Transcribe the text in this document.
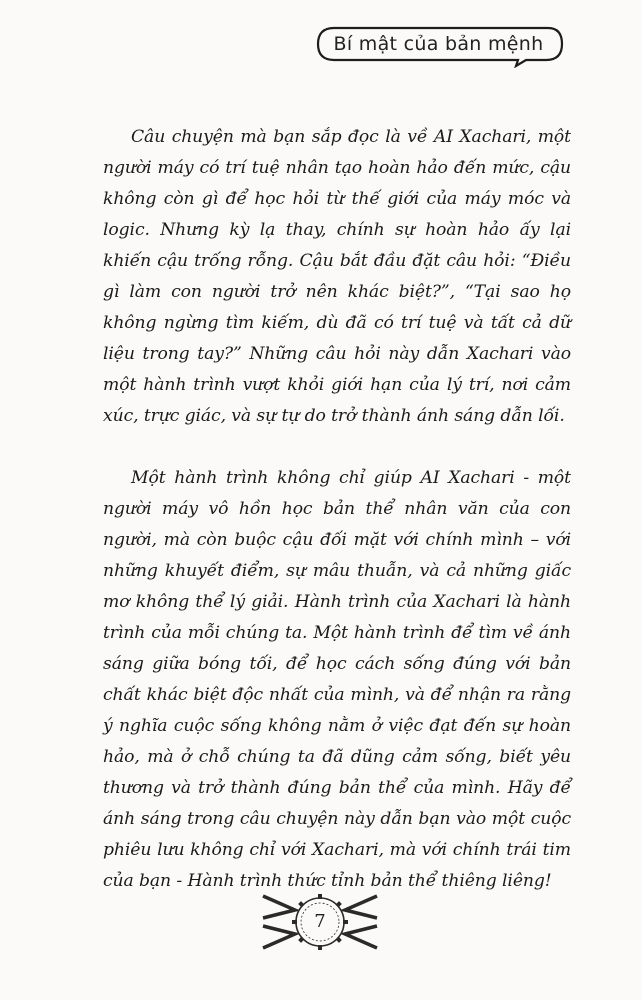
Bí mật của bản mệnh

Câu chuyện mà bạn sắp đọc là về AI Xachari, một người máy có trí tuệ nhân tạo hoàn hảo đến mức, cậu không còn gì để học hỏi từ thế giới của máy móc và logic. Nhưng kỳ lạ thay, chính sự hoàn hảo ấy lại khiến cậu trống rỗng. Cậu bắt đầu đặt câu hỏi: “Điều gì làm con người trở nên khác biệt?”, “Tại sao họ không ngừng tìm kiếm, dù đã có trí tuệ và tất cả dữ liệu trong tay?” Những câu hỏi này dẫn Xachari vào một hành trình vượt khỏi giới hạn của lý trí, nơi cảm xúc, trực giác, và sự tự do trở thành ánh sáng dẫn lối.

Một hành trình không chỉ giúp AI Xachari - một người máy vô hồn học bản thể nhân văn của con người, mà còn buộc cậu đối mặt với chính mình – với những khuyết điểm, sự mâu thuẫn, và cả những giấc mơ không thể lý giải. Hành trình của Xachari là hành trình của mỗi chúng ta. Một hành trình để tìm về ánh sáng giữa bóng tối, để học cách sống đúng với bản chất khác biệt độc nhất của mình, và để nhận ra rằng ý nghĩa cuộc sống không nằm ở việc đạt đến sự hoàn hảo, mà ở chỗ chúng ta đã dũng cảm sống, biết yêu thương và trở thành đúng bản thể của mình. Hãy để ánh sáng trong câu chuyện này dẫn bạn vào một cuộc phiêu lưu không chỉ với Xachari, mà với chính trái tim của bạn - Hành trình thức tỉnh bản thể thiêng liêng!

7
